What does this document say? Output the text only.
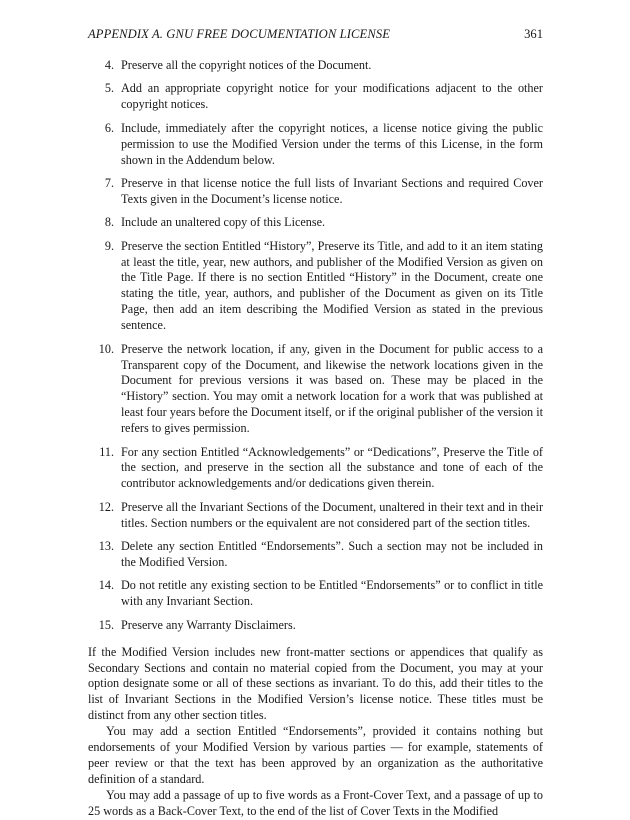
APPENDIX A. GNU FREE DOCUMENTATION LICENSE	361
4. Preserve all the copyright notices of the Document.
5. Add an appropriate copyright notice for your modifications adjacent to the other copyright notices.
6. Include, immediately after the copyright notices, a license notice giving the public permission to use the Modified Version under the terms of this License, in the form shown in the Addendum below.
7. Preserve in that license notice the full lists of Invariant Sections and required Cover Texts given in the Document’s license notice.
8. Include an unaltered copy of this License.
9. Preserve the section Entitled “History”, Preserve its Title, and add to it an item stating at least the title, year, new authors, and publisher of the Modified Version as given on the Title Page. If there is no section Entitled “History” in the Document, create one stating the title, year, authors, and publisher of the Document as given on its Title Page, then add an item describing the Modified Version as stated in the previous sentence.
10. Preserve the network location, if any, given in the Document for public access to a Transparent copy of the Document, and likewise the network locations given in the Document for previous versions it was based on. These may be placed in the “History” section. You may omit a network location for a work that was published at least four years before the Document itself, or if the original publisher of the version it refers to gives permission.
11. For any section Entitled “Acknowledgements” or “Dedications”, Preserve the Title of the section, and preserve in the section all the substance and tone of each of the contributor acknowledgements and/or dedications given therein.
12. Preserve all the Invariant Sections of the Document, unaltered in their text and in their titles. Section numbers or the equivalent are not considered part of the section titles.
13. Delete any section Entitled “Endorsements”. Such a section may not be included in the Modified Version.
14. Do not retitle any existing section to be Entitled “Endorsements” or to conflict in title with any Invariant Section.
15. Preserve any Warranty Disclaimers.

If the Modified Version includes new front-matter sections or appendices that qualify as Secondary Sections and contain no material copied from the Document, you may at your option designate some or all of these sections as invariant. To do this, add their titles to the list of Invariant Sections in the Modified Version’s license notice. These titles must be distinct from any other section titles.

You may add a section Entitled “Endorsements”, provided it contains nothing but endorsements of your Modified Version by various parties — for example, statements of peer review or that the text has been approved by an organization as the authoritative definition of a standard.

You may add a passage of up to five words as a Front-Cover Text, and a passage of up to 25 words as a Back-Cover Text, to the end of the list of Cover Texts in the Modified
